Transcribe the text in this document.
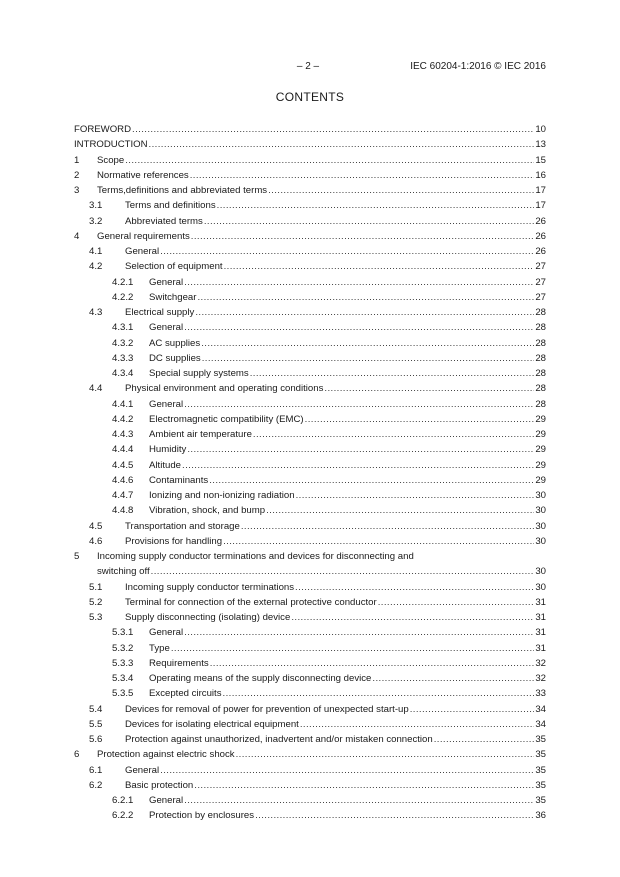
– 2 –	IEC 60204-1:2016 © IEC 2016
CONTENTS
FOREWORD .....	10
INTRODUCTION .....	13
1 Scope .....	15
2 Normative references .....	16
3 Terms,definitions and abbreviated terms .....	17
3.1 Terms and definitions .....	17
3.2 Abbreviated terms .....	26
4 General requirements .....	26
4.1 General .....	26
4.2 Selection of equipment .....	27
4.2.1 General .....	27
4.2.2 Switchgear .....	27
4.3 Electrical supply .....	28
4.3.1 General .....	28
4.3.2 AC supplies .....	28
4.3.3 DC supplies .....	28
4.3.4 Special supply systems .....	28
4.4 Physical environment and operating conditions .....	28
4.4.1 General .....	28
4.4.2 Electromagnetic compatibility (EMC) .....	29
4.4.3 Ambient air temperature .....	29
4.4.4 Humidity .....	29
4.4.5 Altitude .....	29
4.4.6 Contaminants .....	29
4.4.7 Ionizing and non-ionizing radiation .....	30
4.4.8 Vibration, shock, and bump .....	30
4.5 Transportation and storage .....	30
4.6 Provisions for handling .....	30
5 Incoming supply conductor terminations and devices for disconnecting and
switching off .....	30
5.1 Incoming supply conductor terminations .....	30
5.2 Terminal for connection of the external protective conductor .....	31
5.3 Supply disconnecting (isolating) device .....	31
5.3.1 General .....	31
5.3.2 Type .....	31
5.3.3 Requirements .....	32
5.3.4 Operating means of the supply disconnecting device .....	32
5.3.5 Excepted circuits .....	33
5.4 Devices for removal of power for prevention of unexpected start-up .....	34
5.5 Devices for isolating electrical equipment .....	34
5.6 Protection against unauthorized, inadvertent and/or mistaken connection .....	35
6 Protection against electric shock .....	35
6.1 General .....	35
6.2 Basic protection .....	35
6.2.1 General .....	35
6.2.2 Protection by enclosures .....	36
